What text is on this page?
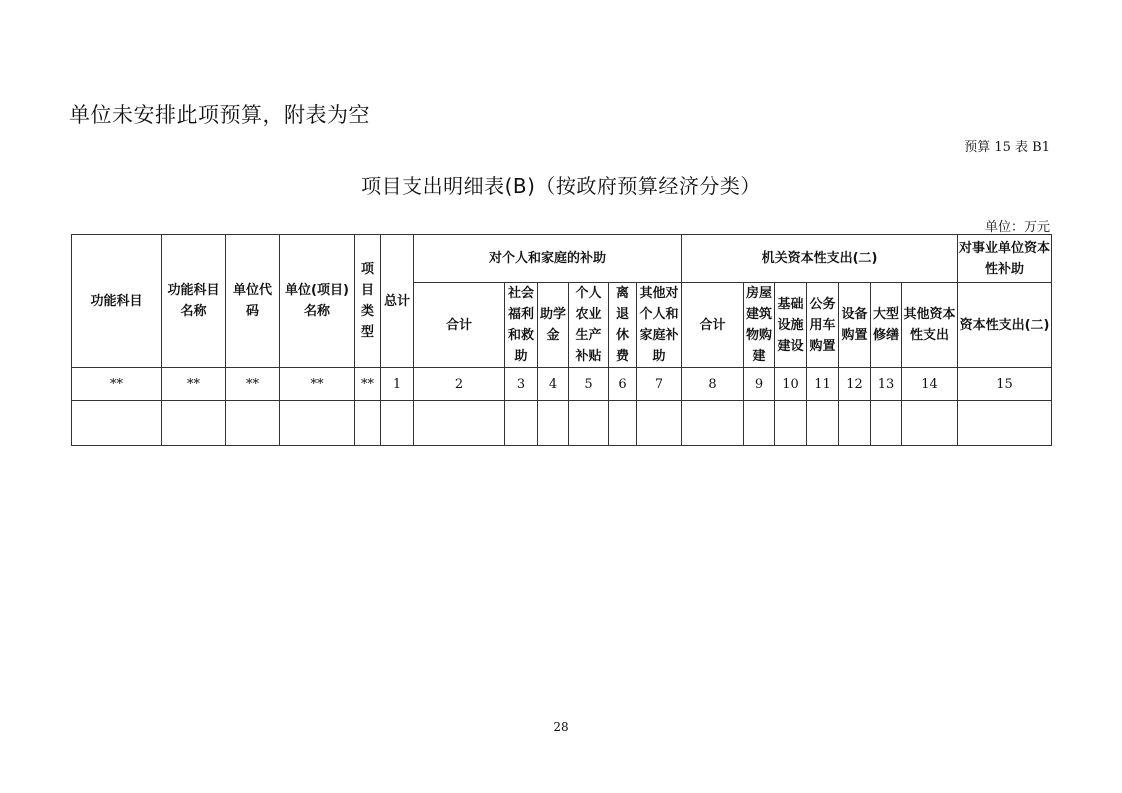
单位未安排此项预算，附表为空
预算 15 表 B1
项目支出明细表(B)（按政府预算经济分类）
单位：万元
功能科目	功能科目名称	单位代码	单位(项目)名称	项目类型	总计	对个人和家庭的补助						机关资本性支出(二)							对事业单位资本性补助
						合计	社会福利和救助	助学金	个人农业生产补贴	离退休费	其他对个人和家庭补助	合计	房屋建筑物购建	基础设施建设	公务用车购置	设备购置	大型修缮	其他资本性支出	资本性支出(二)
**	**	**	**	**	1	2	3	4	5	6	7	8	9	10	11	12	13	14	15

28
